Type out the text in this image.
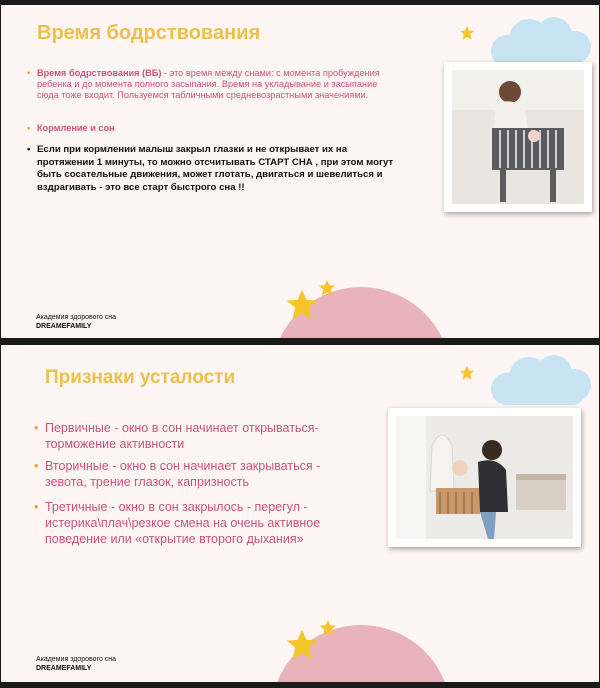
Время бодрствования

• Время бодрствования (ВБ) - это время между снами: с момента пробуждения ребенка и до момента полного засыпания. Время на укладывание и засыпание сюда тоже входит. Пользуемся табличными средневозрастными значениями.

• Кормление и сон

• Если при кормлении малыш закрыл глазки и не открывает их на протяжении 1 минуты, то можно отсчитывать СТАРТ СНА , при этом могут быть сосательные движения, может глотать, двигаться и шевелиться и вздрагивать - это все старт быстрого сна !!

Академия здорового сна
DREAMEFAMILY

Признаки усталости

• Первичные - окно в сон начинает открываться- торможение активности

• Вторичные - окно в сон начинает закрываться - зевота, трение глазок, капризность

• Третичные - окно в сон закрылось - перегул - истерика\плач\резкое смена на очень активное поведение или «открытие второго дыхания»

Академия здорового сна
DREAMEFAMILY
